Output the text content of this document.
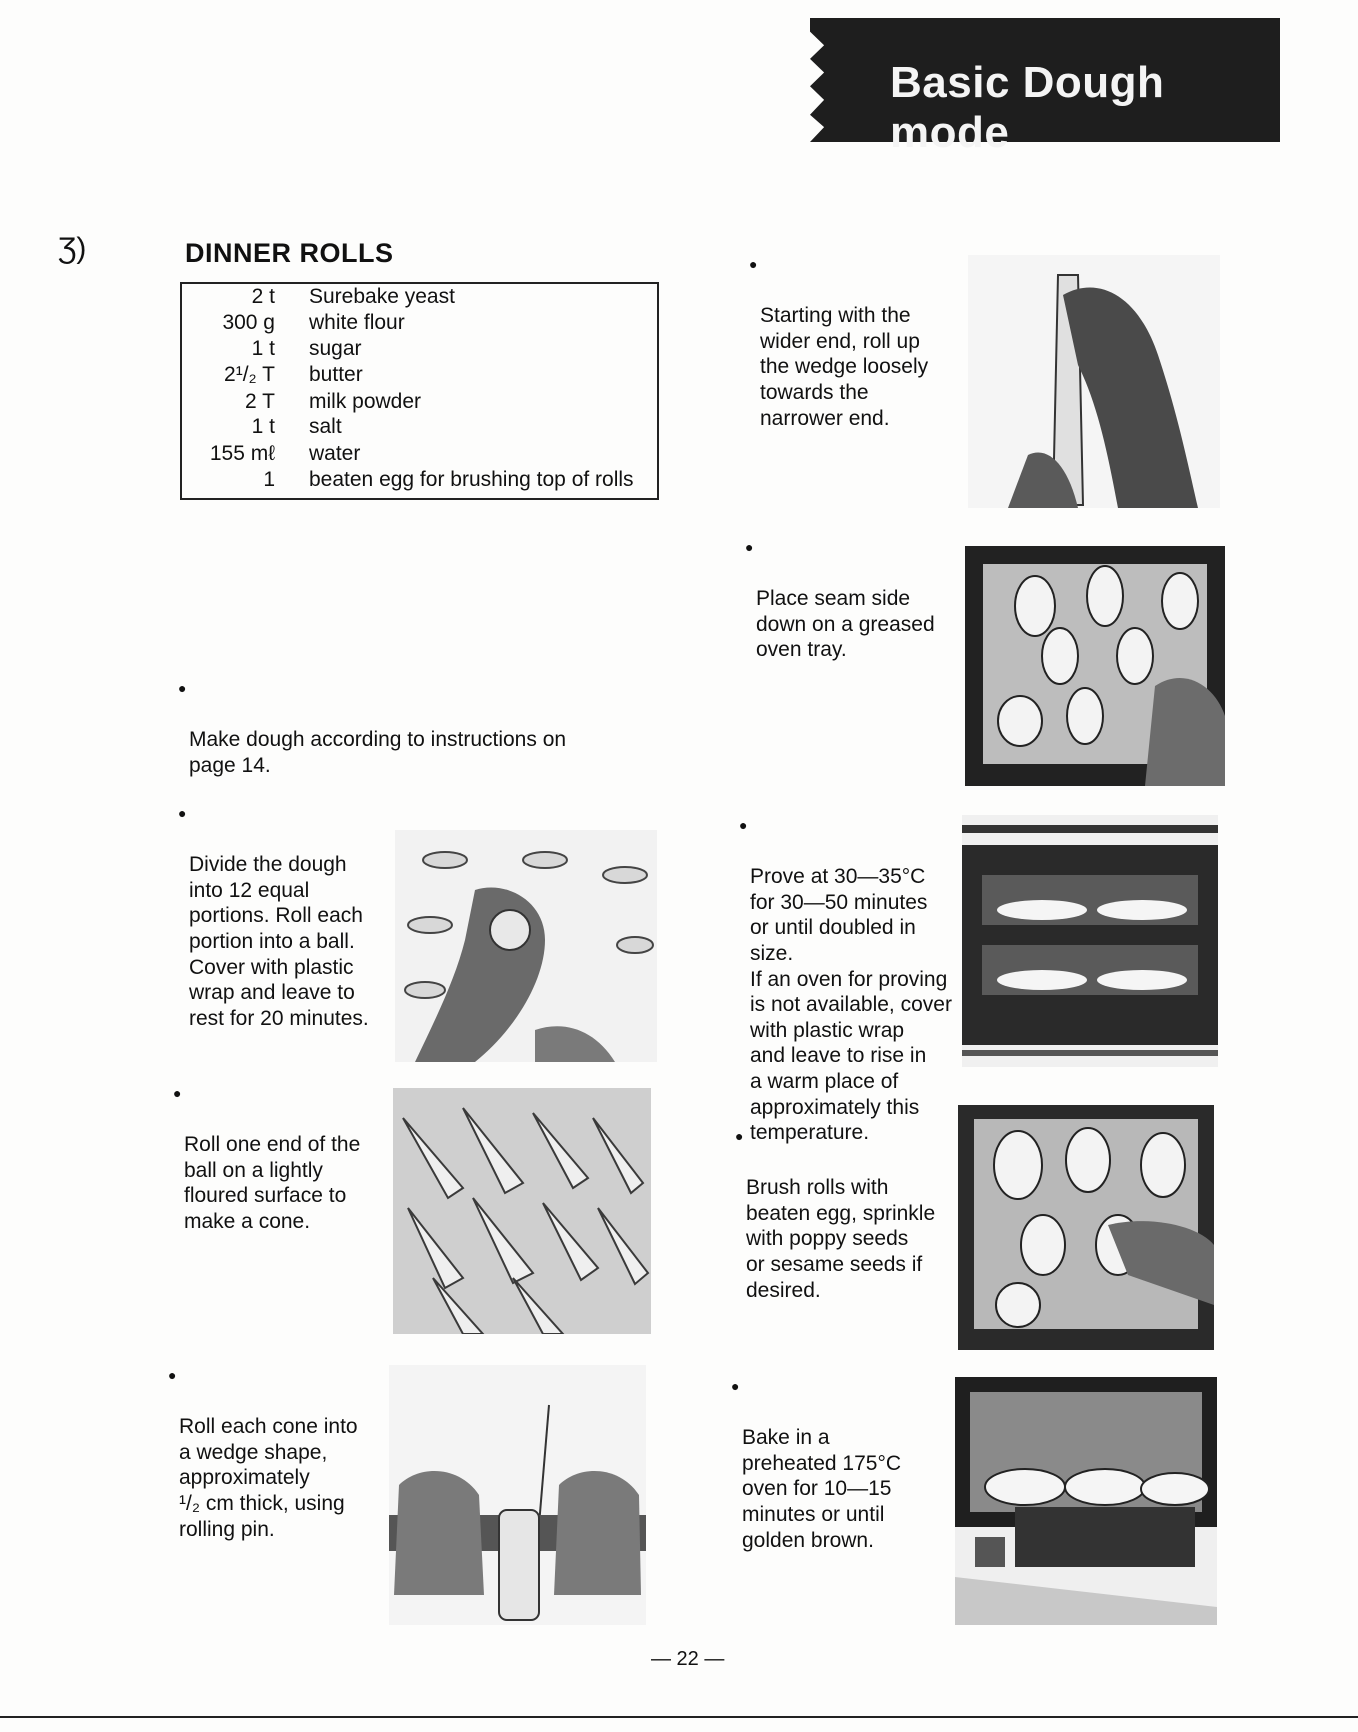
Basic Dough mode
Ʒ)	DINNER ROLLS
2 t Surebake yeast
300 g white flour
1 t sugar
2¹/₂ T butter
2 T milk powder
1 t salt
155 mℓ water
1 beaten egg for brushing top of rolls

●

Make dough according to instructions on
page 14.

●

Divide the dough
into 12 equal
portions. Roll each
portion into a ball.
Cover with plastic
wrap and leave to
rest for 20 minutes.

●

Roll one end of the
ball on a lightly
floured surface to
make a cone.

●

Roll each cone into
a wedge shape,
approximately
¹/₂ cm thick, using
rolling pin.

●

Starting with the
wider end, roll up
the wedge loosely
towards the
narrower end.

●

Place seam side
down on a greased
oven tray.

●

Prove at 30—35°C
for 30—50 minutes
or until doubled in
size.
If an oven for proving
is not available, cover
with plastic wrap
and leave to rise in
a warm place of
approximately this
temperature.

●

Brush rolls with
beaten egg, sprinkle
with poppy seeds
or sesame seeds if
desired.

●

Bake in a
preheated 175°C
oven for 10—15
minutes or until
golden brown.

— 22 —
